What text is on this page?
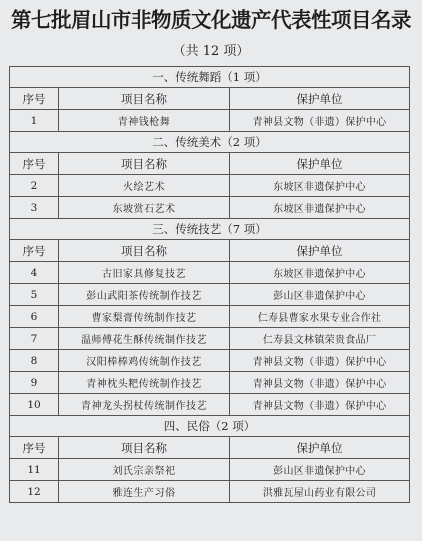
第七批眉山市非物质文化遗产代表性项目名录
（共 12 项）
一、传统舞蹈（1 项）		
序号	项目名称	保护单位
1	青神钱枪舞	青神县文物（非遗）保护中心
二、传统美术（2 项）		
序号	项目名称	保护单位
2	火绘艺术	东坡区非遗保护中心
3	东坡赏石艺术	东坡区非遗保护中心
三、传统技艺（7 项）		
序号	项目名称	保护单位
4	古旧家具修复技艺	东坡区非遗保护中心
5	彭山武阳茶传统制作技艺	彭山区非遗保护中心
6	曹家梨膏传统制作技艺	仁寿县曹家水果专业合作社
7	温师傅花生酥传统制作技艺	仁寿县文林镇荣贵食品厂
8	汉阳棒棒鸡传统制作技艺	青神县文物（非遗）保护中心
9	青神枕头粑传统制作技艺	青神县文物（非遗）保护中心
10	青神龙头拐杖传统制作技艺	青神县文物（非遗）保护中心
四、民俗（2 项）		
序号	项目名称	保护单位
11	刘氏宗亲祭祀	彭山区非遗保护中心
12	雅连生产习俗	洪雅瓦屋山药业有限公司
